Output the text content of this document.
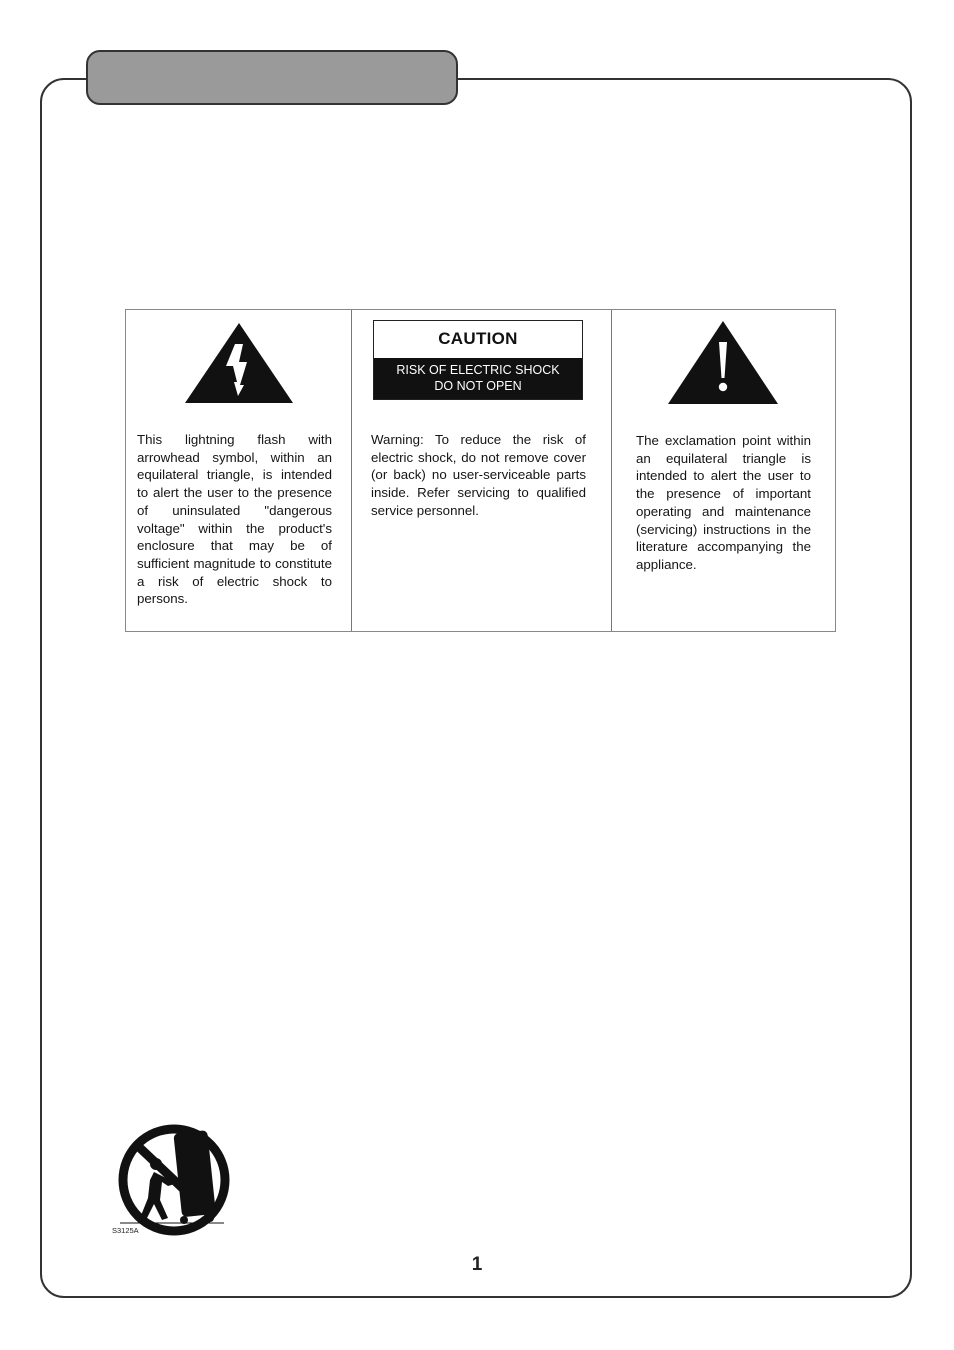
CAUTION
RISK OF ELECTRIC SHOCK
DO NOT OPEN
This lightning flash with arrowhead symbol, within an equilateral triangle, is intended to alert the user to the presence of uninsulated "dangerous voltage" within the product's enclosure that may be of sufficient magnitude to constitute a risk of electric shock to persons.
Warning: To reduce the risk of electric shock, do not remove cover (or back) no user-serviceable parts inside. Refer servicing to qualified service personnel.
The exclamation point within an equilateral triangle is intended to alert the user to the presence of important operating and maintenance (servicing) instructions in the literature accompanying the appliance.
S3125A
1
